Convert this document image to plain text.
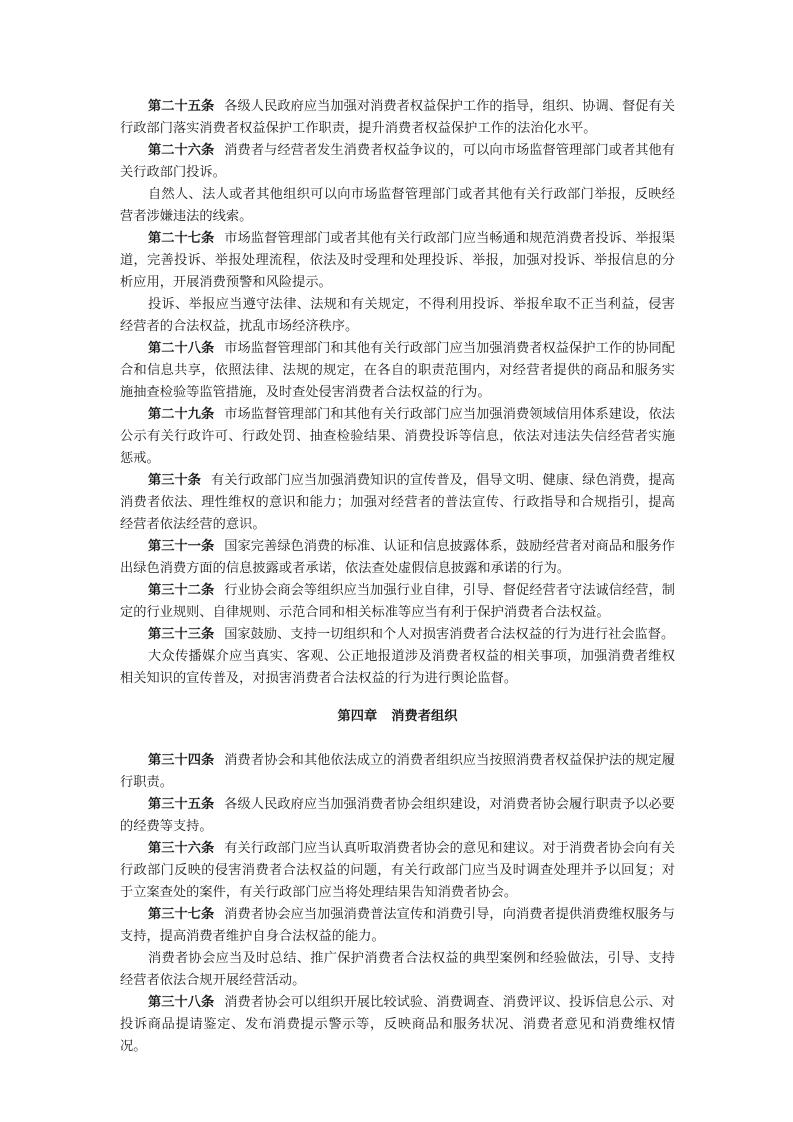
第二十五条 各级人民政府应当加强对消费者权益保护工作的指导，组织、协调、督促有关行政部门落实消费者权益保护工作职责，提升消费者权益保护工作的法治化水平。

第二十六条 消费者与经营者发生消费者权益争议的，可以向市场监督管理部门或者其他有关行政部门投诉。

自然人、法人或者其他组织可以向市场监督管理部门或者其他有关行政部门举报，反映经营者涉嫌违法的线索。

第二十七条 市场监督管理部门或者其他有关行政部门应当畅通和规范消费者投诉、举报渠道，完善投诉、举报处理流程，依法及时受理和处理投诉、举报，加强对投诉、举报信息的分析应用，开展消费预警和风险提示。

投诉、举报应当遵守法律、法规和有关规定，不得利用投诉、举报牟取不正当利益，侵害经营者的合法权益，扰乱市场经济秩序。

第二十八条 市场监督管理部门和其他有关行政部门应当加强消费者权益保护工作的协同配合和信息共享，依照法律、法规的规定，在各自的职责范围内，对经营者提供的商品和服务实施抽查检验等监管措施，及时查处侵害消费者合法权益的行为。

第二十九条 市场监督管理部门和其他有关行政部门应当加强消费领域信用体系建设，依法公示有关行政许可、行政处罚、抽查检验结果、消费投诉等信息，依法对违法失信经营者实施惩戒。

第三十条 有关行政部门应当加强消费知识的宣传普及，倡导文明、健康、绿色消费，提高消费者依法、理性维权的意识和能力；加强对经营者的普法宣传、行政指导和合规指引，提高经营者依法经营的意识。

第三十一条 国家完善绿色消费的标准、认证和信息披露体系，鼓励经营者对商品和服务作出绿色消费方面的信息披露或者承诺，依法查处虚假信息披露和承诺的行为。

第三十二条 行业协会商会等组织应当加强行业自律，引导、督促经营者守法诚信经营，制定的行业规则、自律规则、示范合同和相关标准等应当有利于保护消费者合法权益。

第三十三条 国家鼓励、支持一切组织和个人对损害消费者合法权益的行为进行社会监督。

大众传播媒介应当真实、客观、公正地报道涉及消费者权益的相关事项，加强消费者维权相关知识的宣传普及，对损害消费者合法权益的行为进行舆论监督。

第四章 消费者组织

第三十四条 消费者协会和其他依法成立的消费者组织应当按照消费者权益保护法的规定履行职责。

第三十五条 各级人民政府应当加强消费者协会组织建设，对消费者协会履行职责予以必要的经费等支持。

第三十六条 有关行政部门应当认真听取消费者协会的意见和建议。对于消费者协会向有关行政部门反映的侵害消费者合法权益的问题，有关行政部门应当及时调查处理并予以回复；对于立案查处的案件，有关行政部门应当将处理结果告知消费者协会。

第三十七条 消费者协会应当加强消费普法宣传和消费引导，向消费者提供消费维权服务与支持，提高消费者维护自身合法权益的能力。

消费者协会应当及时总结、推广保护消费者合法权益的典型案例和经验做法，引导、支持经营者依法合规开展经营活动。

第三十八条 消费者协会可以组织开展比较试验、消费调查、消费评议、投诉信息公示、对投诉商品提请鉴定、发布消费提示警示等，反映商品和服务状况、消费者意见和消费维权情况。
